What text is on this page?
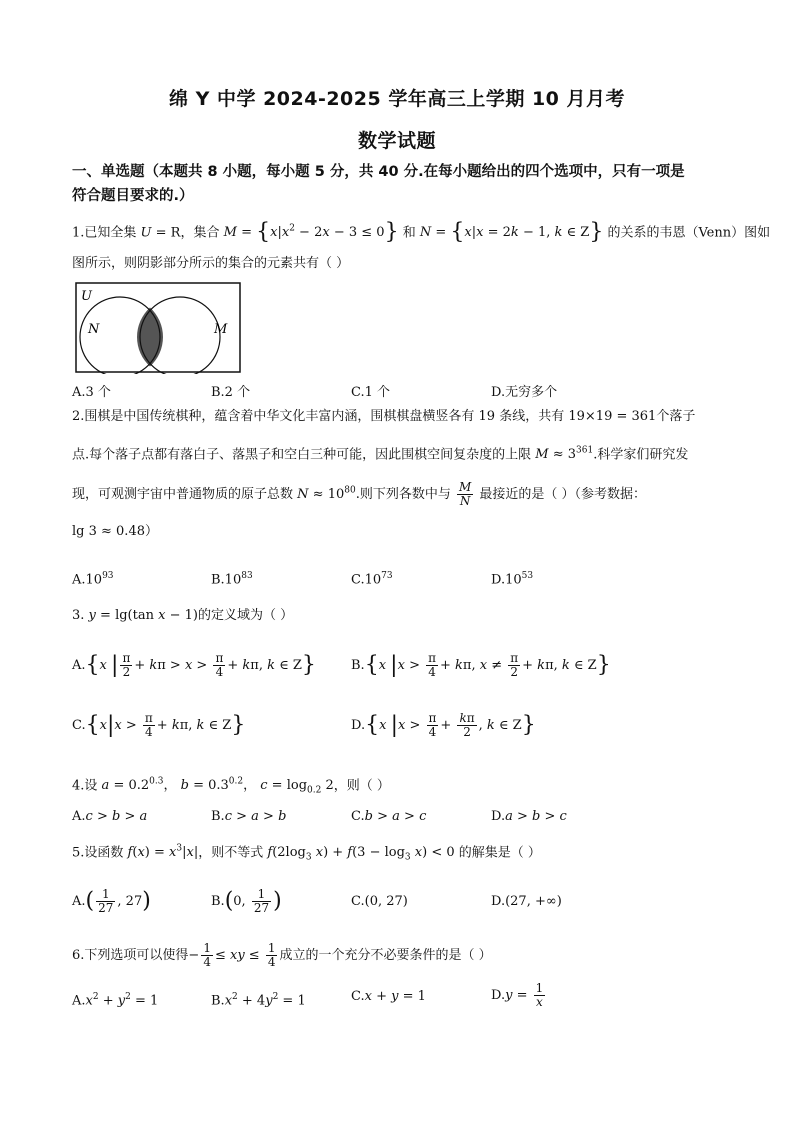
绵 Y 中学 2024-2025 学年高三上学期 10 月月考
数学试题
一、单选题（本题共 8 小题，每小题 5 分，共 40 分.在每小题给出的四个选项中，只有一项是
符合题目要求的.）
1.已知全集 U = R，集合 $M = \{x|x^2 - 2x - 3 \le 0\}$ 和 N = {x|x = 2k − 1, k ∈ Z} 的关系的韦恩（Venn）图如
图所示，则阴影部分所示的集合的元素共有（ ）
U
N	M
A.3 个	B.2 个	C.1 个	D.无穷多个
2.围棋是中国传统棋种，蕴含着中华文化丰富内涵，围棋棋盘横竖各有 19 条线，共有 19×19 = 361个落子
点.每个落子点都有落白子、落黑子和空白三种可能，因此围棋空间复杂度的上限 $M \approx 3^{361}$.科学家们研究发
现，可观测宇宙中普通物质的原子总数 $N \approx 10^{80}$.则下列各数中与 $\frac{M}{N}$ 最接近的是（ ）（参考数据：
lg 3 ≈ 0.48）
$A.10^{93}$	$B.10^{83}$	$C.10^{73}$	$D.10^{53}$
3. y = lg(tan x − 1)的定义域为（ ）
A.{x | $\frac{\pi}{2} + k\pi > x > \frac{\pi}{4} + k\pi$, k ∈ Z}	B.{x $|x > \frac{\pi}{4} + k\pi$, $x \ne \frac{\pi}{2} + k\pi$, k ∈ Z}
$C.\{x|x > \frac{\pi}{4} + k\pi$, k ∈ Z}	D.{x $|x > \frac{\pi}{4} + \frac{k\pi}{2}$ , k ∈ Z}
4.设 $a = 0.2^{0.3}$， $b = 0.3^{0.2}$， $c = \log_{0.2} 2$，则（ ）
A.c > b > a	B.c > a > b	C.b > a > c	D.a > b > c
5.设函数 $f(x) = x^3|x|$，则不等式 $f(2\log_3$ $x) + f(3 - \log_3 x) < 0$ 的解集是（ ）
$A.( \frac{1}{27}$ , 27)	B.(0, $\frac{1}{27}$ )	C.(0, 27)	D.(27, +∞)
6.下列选项可以使得− $\frac{1}{4}$ ≤ xy ≤ $\frac{1}{4}$ 成立的一个充分不必要条件的是（ ）
$A.x^2 + y^2 = 1$	$B.x^2 + 4y^2 = 1$	C.x + y = 1	$D.y = \frac{1}{x}$
